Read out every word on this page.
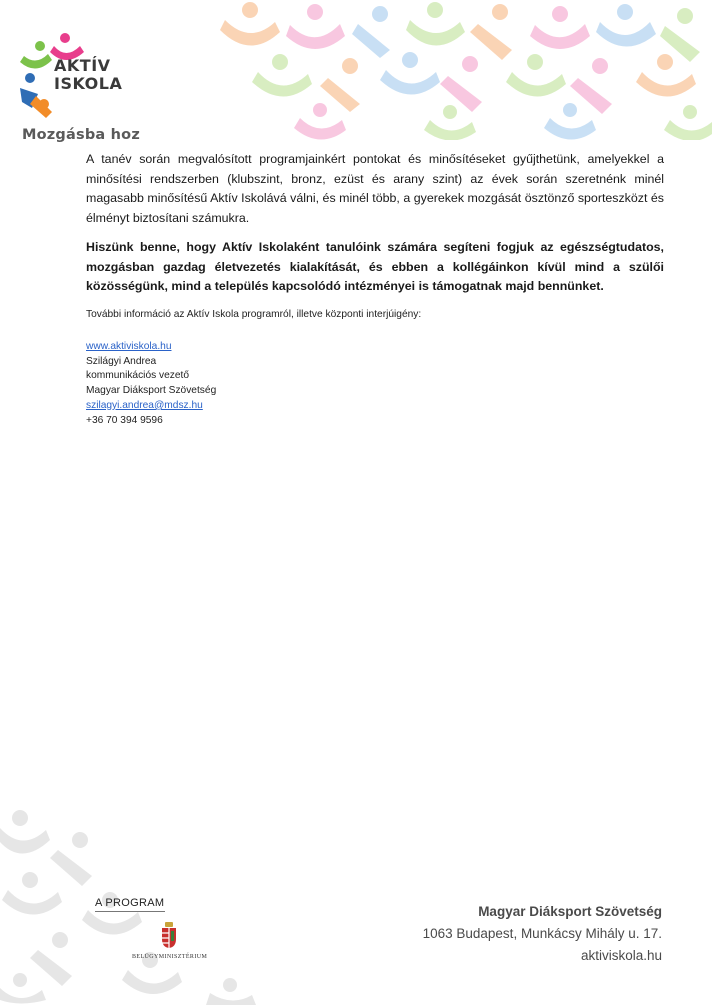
AKTÍV
ISKOLA
Mozgásba hoz
A tanév során megvalósított programjainkért pontokat és minősítéseket gyűjthetünk, amelyekkel a minősítési rendszerben (klubszint, bronz, ezüst és arany szint) az évek során szeretnénk minél magasabb minősítésű Aktív Iskolává válni, és minél több, a gyerekek mozgását ösztönző sporteszközt és élményt biztosítani számukra.
Hiszünk benne, hogy Aktív Iskolaként tanulóink számára segíteni fogjuk az egészségtudatos, mozgásban gazdag életvezetés kialakítását, és ebben a kollégáinkon kívül mind a szülői közösségünk, mind a település kapcsolódó intézményei is támogatnak majd bennünket.
További információ az Aktív Iskola programról, illetve központi interjúigény:
www.aktiviskola.hu
Szilágyi Andrea
kommunikációs vezető
Magyar Diáksport Szövetség
szilagyi.andrea@mdsz.hu
+36 70 394 9596
A PROGRAM
BELÜGYMINISZTÉRIUM
Magyar Diáksport Szövetség
1063 Budapest, Munkácsy Mihály u. 17.
aktiviskola.hu
